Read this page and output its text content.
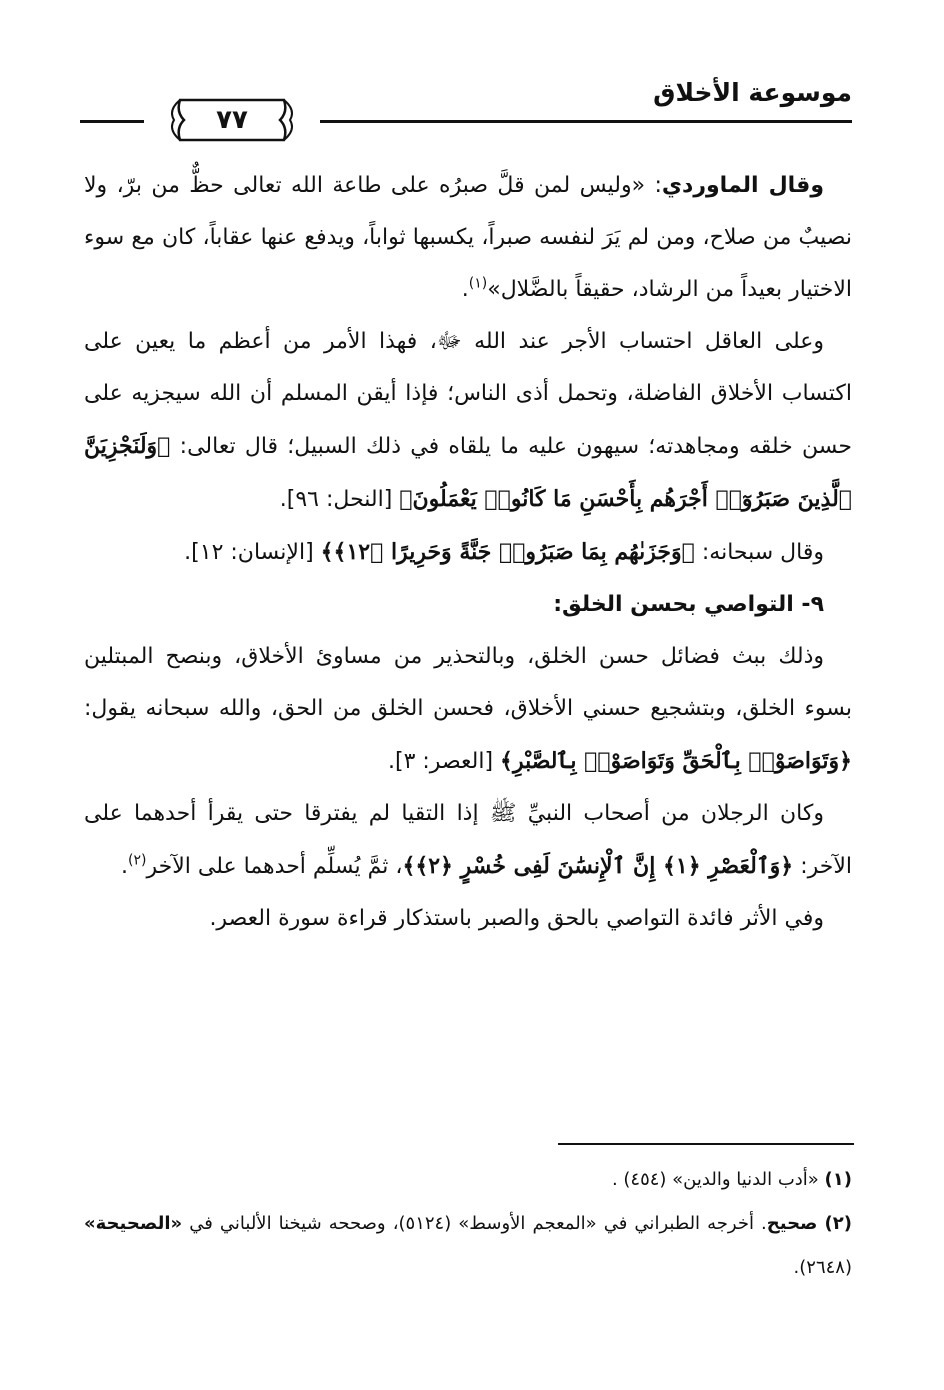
موسوعة الأخلاق
٧٧

وقال الماوردي: «وليس لمن قلَّ صبرُه على طاعة الله تعالى حظٌّ من برّ، ولا نصيبٌ من صلاح، ومن لم يَرَ لنفسه صبراً، يكسبها ثواباً، ويدفع عنها عقاباً، كان مع سوء الاختيار بعيداً من الرشاد، حقيقاً بالضَّلال»$^{(١)}$.

وعلى العاقل احتساب الأجر عند الله ﷻ، فهذا الأمر من أعظم ما يعين على اكتساب الأخلاق الفاضلة، وتحمل أذى الناس؛ فإذا أيقن المسلم أن الله سيجزيه على حسن خلقه ومجاهدته؛ سيهون عليه ما يلقاه في ذلك السبيل؛ قال تعالى: ﴿وَلَنَجْزِيَنَّ ٱلَّذِينَ صَبَرُوٓا۟ أَجْرَهُم بِأَحْسَنِ مَا كَانُوا۟ يَعْمَلُونَ﴾ [النحل: ٩٦].

وقال سبحانه: ﴿وَجَزَىٰهُم بِمَا صَبَرُوا۟ جَنَّةً وَحَرِيرًا ﴿١٢﴾﴾ [الإنسان: ١٢].

٩- التواصي بحسن الخلق:

وذلك ببث فضائل حسن الخلق، وبالتحذير من مساوئ الأخلاق، وبنصح المبتلين بسوء الخلق، وبتشجيع حسني الأخلاق، فحسن الخلق من الحق، والله سبحانه يقول: ﴿وَتَوَاصَوْا۟ بِٱلْحَقِّ وَتَوَاصَوْا۟ بِٱلصَّبْرِ﴾ [العصر: ٣].

وكان الرجلان من أصحاب النبيِّ ﷺ إذا التقيا لم يفترقا حتى يقرأ أحدهما على الآخر: ﴿وَٱلْعَصْرِ ﴿١﴾ إِنَّ ٱلْإِنسَٰنَ لَفِى خُسْرٍ ﴿٢﴾﴾، ثمَّ يُسلِّم أحدهما على الآخر$^{(٢)}$.

وفي الأثر فائدة التواصي بالحق والصبر باستذكار قراءة سورة العصر.

(١) «أدب الدنيا والدين» (٤٥٤) .

(٢) صحيح. أخرجه الطبراني في «المعجم الأوسط» (٥١٢٤)، وصححه شيخنا الألباني في «الصحيحة» (٢٦٤٨).
